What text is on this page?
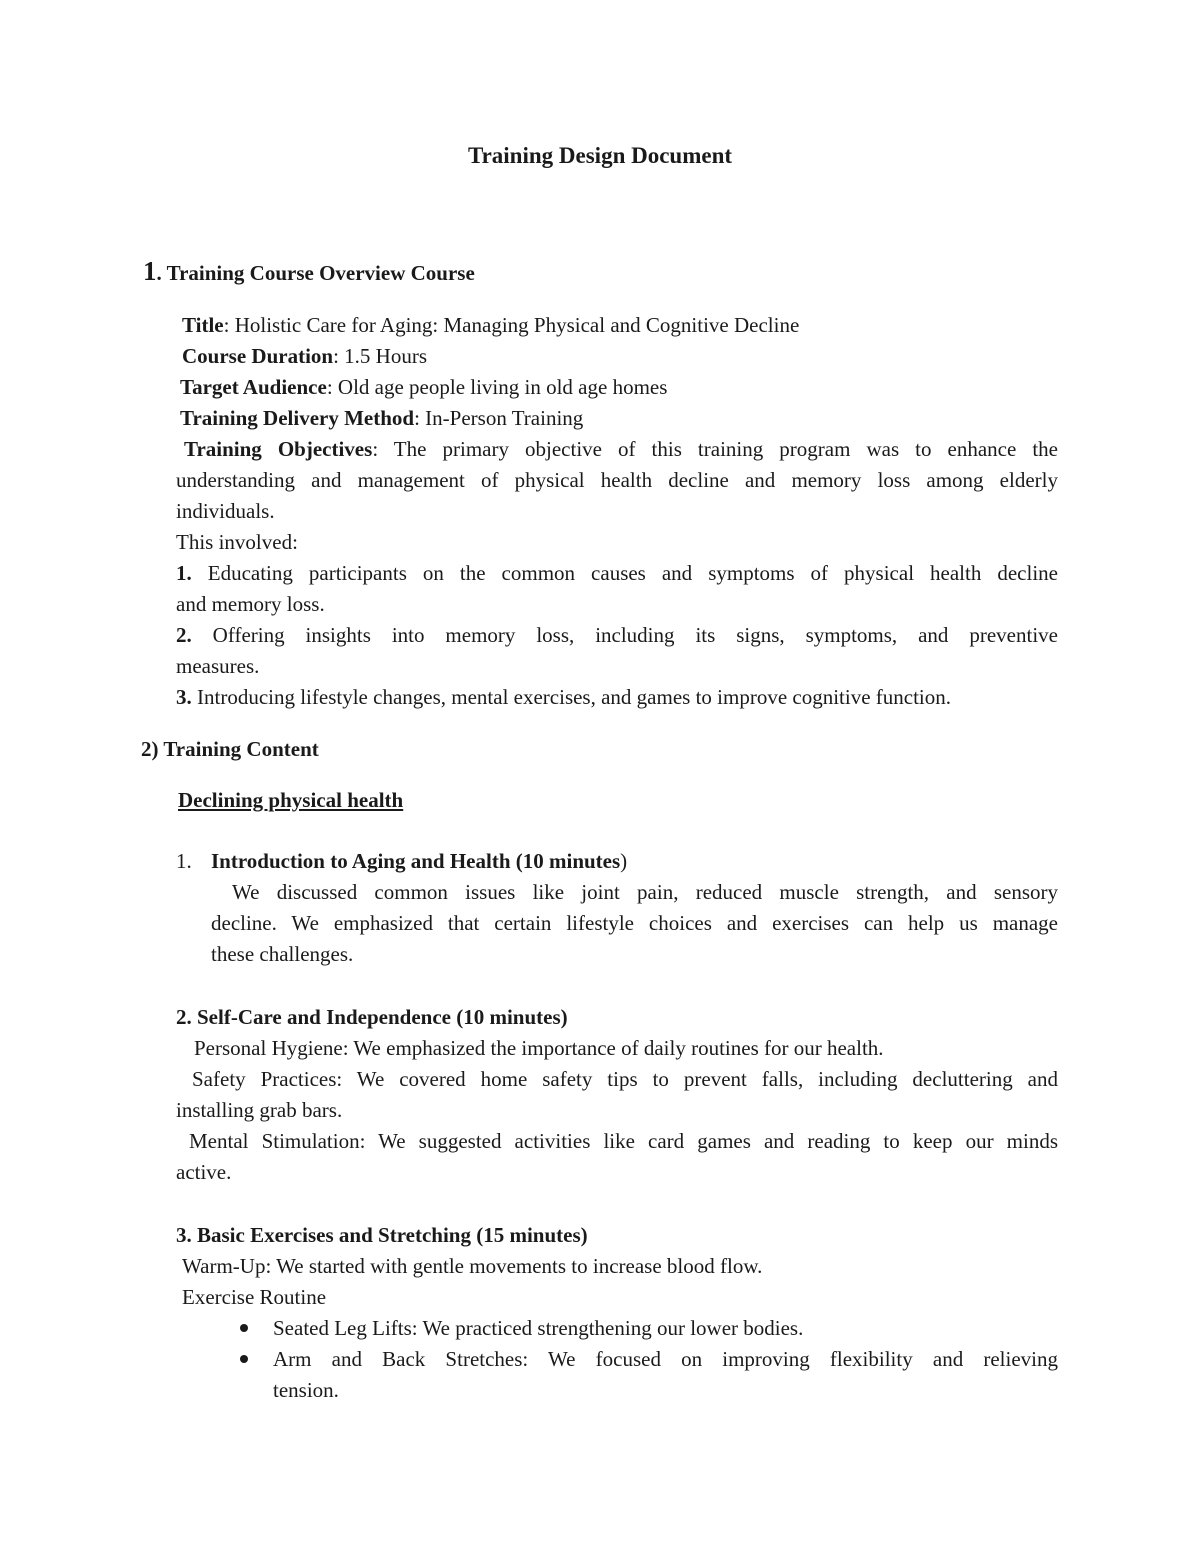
Training Design Document
1. Training Course Overview Course
Title: Holistic Care for Aging: Managing Physical and Cognitive Decline
Course Duration: 1.5 Hours
Target Audience: Old age people living in old age homes
Training Delivery Method: In-Person Training
Training Objectives: The primary objective of this training program was to enhance the
understanding and management of physical health decline and memory loss among elderly
individuals.
This involved:
1. Educating participants on the common causes and symptoms of physical health decline
and memory loss.
2. Offering insights into memory loss, including its signs, symptoms, and preventive
measures.
3. Introducing lifestyle changes, mental exercises, and games to improve cognitive function.
2) Training Content
Declining physical health
1. Introduction to Aging and Health (10 minutes)
We discussed common issues like joint pain, reduced muscle strength, and sensory
decline. We emphasized that certain lifestyle choices and exercises can help us manage
these challenges.
2. Self-Care and Independence (10 minutes)
Personal Hygiene: We emphasized the importance of daily routines for our health.
Safety Practices: We covered home safety tips to prevent falls, including decluttering and
installing grab bars.
Mental Stimulation: We suggested activities like card games and reading to keep our minds
active.
3. Basic Exercises and Stretching (15 minutes)
Warm-Up: We started with gentle movements to increase blood flow.
Exercise Routine
Seated Leg Lifts: We practiced strengthening our lower bodies.
Arm and Back Stretches: We focused on improving flexibility and relieving
tension.
